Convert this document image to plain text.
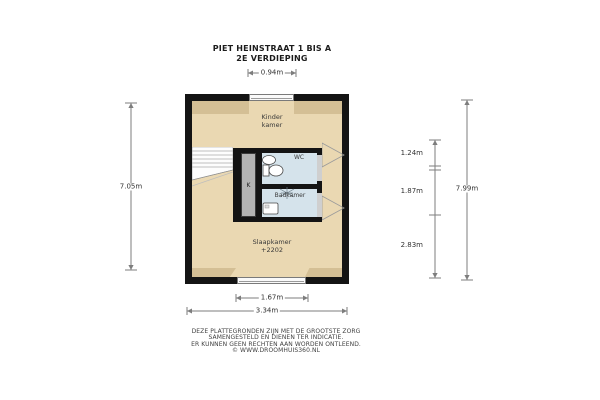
PIET HEINSTRAAT 1 BIS A
2E VERDIEPING
K
Kinder
kamer
WC
Badkamer
Slaapkamer
+2202
0.94m
7.05m	7.99m
1.24m
1.87m
2.83m
1.67m
3.34m
DEZE PLATTEGRONDEN ZIJN MET DE GROOTSTE ZORG
SAMENGESTELD EN DIENEN TER INDICATIE.
ER KUNNEN GEEN RECHTEN AAN WORDEN ONTLEEND.
© WWW.DROOMHUIS360.NL
